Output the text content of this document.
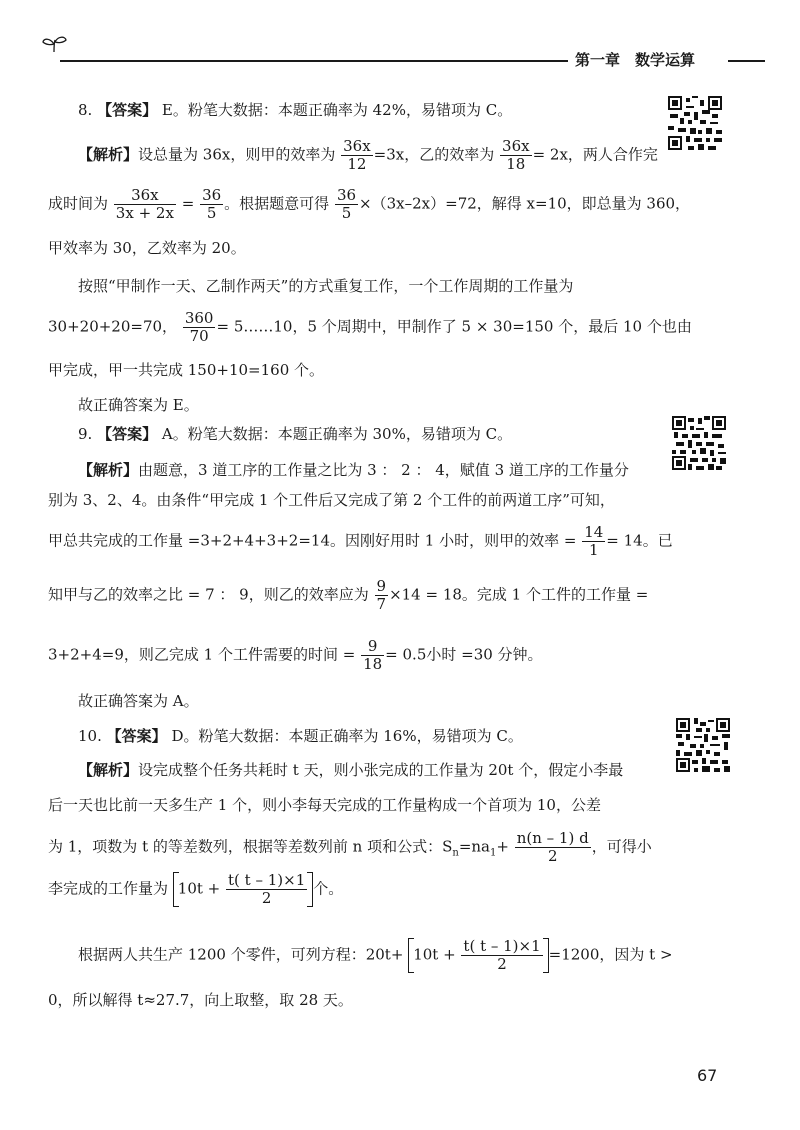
第一章　数学运算
8. 【答案】 E。粉笔大数据：本题正确率为 42%，易错项为 C。
【解析】设总量为 36x，则甲的效率为 $\frac{36x}{12} =3x$，乙的效率为 $\frac{36x}{18} = 2x$，两人合作完
成时间为 $\frac{36x}{3x + 2x} = \frac{36}{5}$ 。根据题意可得 $\frac{36}{5} \times(3x-2x)=72$，解得 x=10，即总量为 360，
甲效率为 30，乙效率为 20。
按照“甲制作一天、乙制作两天”的方式重复工作，一个工作周期的工作量为
30+20+20=70， $\frac{360}{70}$ = 5……10，5 个周期中，甲制作了 5 × 30=150 个，最后 10 个也由
甲完成，甲一共完成 150+10=160 个。
故正确答案为 E。
9. 【答案】 A。粉笔大数据：本题正确率为 30%，易错项为 C。
【解析】由题意，3 道工序的工作量之比为 3 ： 2 ： 4，赋值 3 道工序的工作量分
别为 3、2、4。由条件“甲完成 1 个工件后又完成了第 2 个工件的前两道工序”可知，
甲总共完成的工作量 =3+2+4+3+2=14。因刚好用时 1 小时，则甲的效率 = $\frac{14}{1} = 14$。已
知甲与乙的效率之比 = 7 ： 9，则乙的效率应为 $\frac{9}{7} \times 14 = 18$。完成 1 个工件的工作量 =
3+2+4=9，则乙完成 1 个工件需要的时间 = $\frac{9}{18} = 0.5$小时 =30 分钟。
故正确答案为 A。
10. 【答案】 D。粉笔大数据：本题正确率为 16%，易错项为 C。
【解析】设完成整个任务共耗时 t 天，则小张完成的工作量为 20t 个，假定小李最
后一天也比前一天多生产 1 个，则小李每天完成的工作量构成一个首项为 10，公差
为 1，项数为 t 的等差数列，根据等差数列前 n 项和公式：$S_n=na_1+ \frac{n(n - 1) d}{2}$ ，可得小
李完成的工作量为 $10t + \frac{t( t - 1)\times 1}{2}$ 个。
根据两人共生产 1200 个零件，可列方程：$20t+ 10t + \frac{t( t - 1)\times 1}{2} =1200$，因为 t >
0，所以解得 t≈27.7，向上取整，取 28 天。
67
